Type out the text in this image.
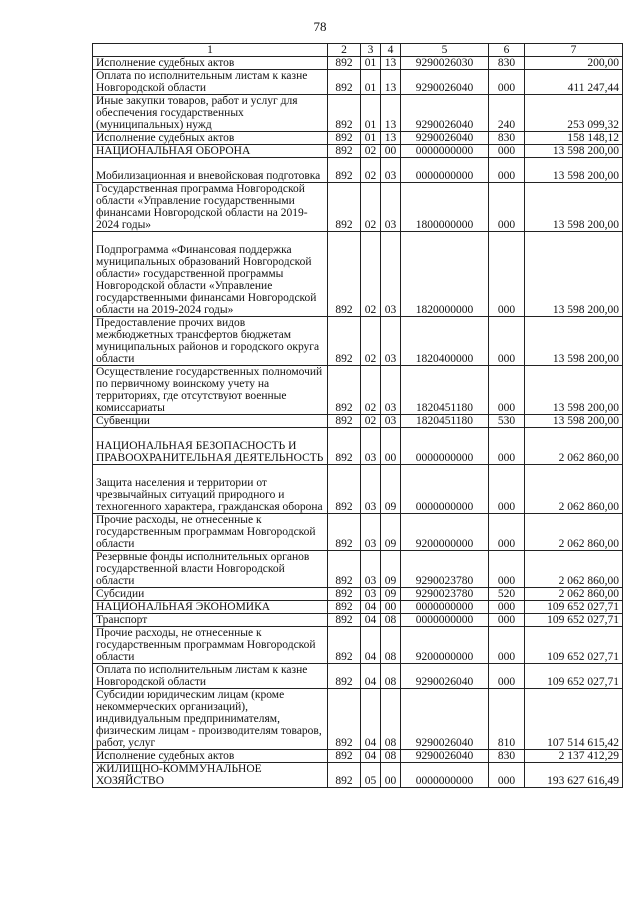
78
1	2	3	4	5	6	7
Исполнение судебных актов	892	01	13	9290026030	830	200,00
Оплата по исполнительным листам к казне Новгородской области	892	01	13	9290026040	000	411 247,44
Иные закупки товаров, работ и услуг для обеспечения государственных (муниципальных) нужд	892	01	13	9290026040	240	253 099,32
Исполнение судебных актов	892	01	13	9290026040	830	158 148,12
НАЦИОНАЛЬНАЯ ОБОРОНА	892	02	00	0000000000	000	13 598 200,00
Мобилизационная и вневойсковая подготовка	892	02	03	0000000000	000	13 598 200,00
Государственная программа Новгородской области «Управление государственными финансами Новгородской области на 2019-2024 годы»	892	02	03	1800000000	000	13 598 200,00
Подпрограмма «Финансовая поддержка муниципальных образований Новгородской области» государственной программы Новгородской области «Управление государственными финансами Новгородской области на 2019-2024 годы»	892	02	03	1820000000	000	13 598 200,00
Предоставление прочих видов межбюджетных трансфертов бюджетам муниципальных районов и городского округа области	892	02	03	1820400000	000	13 598 200,00
Осуществление государственных полномочий по первичному воинскому учету на территориях, где отсутствуют военные комиссариаты	892	02	03	1820451180	000	13 598 200,00
Субвенции	892	02	03	1820451180	530	13 598 200,00
НАЦИОНАЛЬНАЯ БЕЗОПАСНОСТЬ И ПРАВООХРАНИТЕЛЬНАЯ ДЕЯТЕЛЬНОСТЬ	892	03	00	0000000000	000	2 062 860,00
Защита населения и территории от чрезвычайных ситуаций природного и техногенного характера, гражданская оборона	892	03	09	0000000000	000	2 062 860,00
Прочие расходы, не отнесенные к государственным программам Новгородской области	892	03	09	9200000000	000	2 062 860,00
Резервные фонды исполнительных органов государственной власти Новгородской области	892	03	09	9290023780	000	2 062 860,00
Субсидии	892	03	09	9290023780	520	2 062 860,00
НАЦИОНАЛЬНАЯ ЭКОНОМИКА	892	04	00	0000000000	000	109 652 027,71
Транспорт	892	04	08	0000000000	000	109 652 027,71
Прочие расходы, не отнесенные к государственным программам Новгородской области	892	04	08	9200000000	000	109 652 027,71
Оплата по исполнительным листам к казне Новгородской области	892	04	08	9290026040	000	109 652 027,71
Субсидии юридическим лицам (кроме некоммерческих организаций), индивидуальным предпринимателям, физическим лицам - производителям товаров, работ, услуг	892	04	08	9290026040	810	107 514 615,42
Исполнение судебных актов	892	04	08	9290026040	830	2 137 412,29
ЖИЛИЩНО-КОММУНАЛЬНОЕ ХОЗЯЙСТВО	892	05	00	0000000000	000	193 627 616,49
